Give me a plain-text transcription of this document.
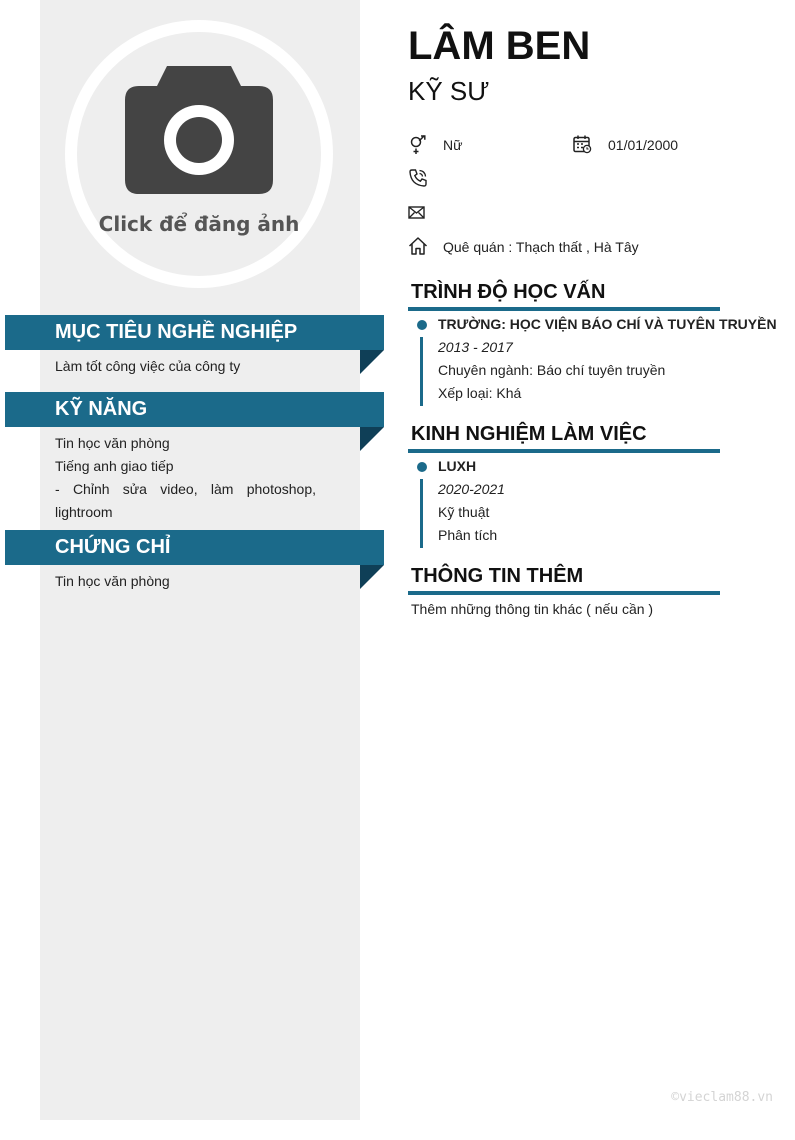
Click để đăng ảnh
MỤC TIÊU NGHỀ NGHIỆP
Làm tốt công việc của công ty
KỸ NĂNG
Tin học văn phòng
Tiếng anh giao tiếp
- Chỉnh sửa video, làm photoshop, lightroom
CHỨNG CHỈ
Tin học văn phòng
LÂM BEN
KỸ SƯ
Nữ	01/01/2000
Quê quán : Thạch thất , Hà Tây
TRÌNH ĐỘ HỌC VẤN
TRƯỜNG: HỌC VIỆN BÁO CHÍ VÀ TUYÊN TRUYỀN
2013 - 2017
Chuyên ngành: Báo chí tuyên truyền
Xếp loại: Khá
KINH NGHIỆM LÀM VIỆC
LUXH
2020-2021
Kỹ thuật
Phân tích
THÔNG TIN THÊM
Thêm những thông tin khác ( nếu cần )
©vieclam88.vn
